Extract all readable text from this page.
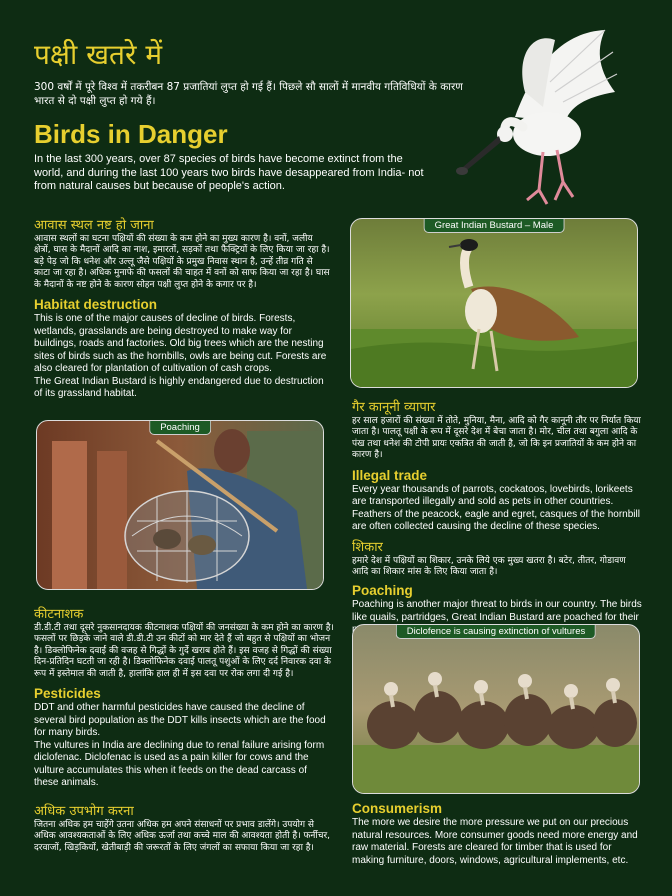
पक्षी खतरे में
300 वर्षों में पूरे विश्व में तकरीबन 87 प्रजातियां लुप्त हो गई हैं। पिछले सौ सालों में मानवीय गतिविधियों के कारण भारत से दो पक्षी लुप्त हो गये हैं।
Birds in Danger
In the last 300 years, over 87 species of birds have become extinct from the world, and during the last 100 years two birds have desappeared from India- not from natural causes but because of people's action.
आवास स्थल नष्ट हो जाना
आवास स्थलों का घटना पक्षियों की संख्या के कम होने का मुख्य कारण है। वनों, जलीय क्षेत्रों, घास के मैदानों आदि का नाश, इमारतों, सड़कों तथा फैक्ट्रियों के लिए किया जा रहा है। बड़े पेड़ जो कि धनेश और उल्लू जैसे पक्षियों के प्रमुख निवास स्थान है, उन्हें तीव्र गति से काटा जा रहा है। अधिक मुनाफे की फसलों की चाहत में वनों को साफ किया जा रहा है। घास के मैदानों के नष्ट होने के कारण सोहन पक्षी लुप्त होने के कगार पर है।
Habitat destruction
This is one of the major causes of decline of birds. Forests, wetlands, grasslands are being destroyed to make way for buildings, roads and factories. Old big trees which are the nesting sites of birds such as the hornbills, owls are being cut. Forests are also cleared for plantation of cultivation of cash crops.
The Great Indian Bustard is highly endangered due to destruction of its grassland habitat.
Great Indian Bustard – Male
Poaching
गैर कानूनी व्यापार
हर साल हजारों की संख्या में तोते, मुनिया, मैना, आदि को गैर कानूनी तौर पर निर्यात किया जाता है। पालतू पक्षी के रूप में दूसरे देश में बेचा जाता है। मोर, चील तथा बगुला आदि के पंख तथा धनेश की टोपी प्रायः एकत्रित की जाती है, जो कि इन प्रजातियों के कम होने का कारण है।
Illegal trade
Every year thousands of parrots, cockatoos, lovebirds, lorikeets are transported illegally and sold as pets in other countries. Feathers of the peacock, eagle and egret, casques of the hornbill are often collected causing the decline of these species.
शिकार
हमारे देश में पक्षियों का शिकार, उनके लिये एक मुख्य खतरा है। बटेर, तीतर, गोडावण आदि का शिकार मांस के लिए किया जाता है।
Poaching
Poaching is another major threat to birds in our country. The birds like quails, partridges, Great Indian Bustard are poached for their
कीटनाशक
डी.डी.टी तथा दूसरे नुकसानदायक कीटनाशक पक्षियों की जनसंख्या के कम होने का कारण है। फसलों पर छिड़के जाने वाले डी.डी.टी उन कीटों को मार देते हैं जो बहुत से पक्षियों का भोजन है। डिक्लोफिनेक दवाई की वजह से गिद्धों के गुर्दे खराब होते हैं। इस वजह से गिद्धों की संख्या दिन-प्रतिदिन घटती जा रही है। डिक्लोफिनेक दवाई पालतू पशुओं के लिए दर्द निवारक दवा के रूप में इस्तेमाल की जाती है, हालांकि हाल ही में इस दवा पर रोक लगा दी गई है।
Pesticides
DDT and other harmful pesticides have caused the decline of several bird population as the DDT kills insects which are the food for many birds.
The vultures in India are declining due to renal failure arising form diclofenac. Diclofenac is used as a pain killer for cows and the vulture accumulates this when it feeds on the dead carcass of these animals.
अधिक उपभोग करना
जितना अधिक हम चाहेंगे उतना अधिक हम अपने संसाधनों पर प्रभाव डालेंगे। उपयोग से अधिक आवश्यकताओं के लिए अधिक ऊर्जा तथा कच्चे माल की आवश्यता होती है। फर्नीचर, दरवाजों, खिड़कियों, खेतीबाड़ी की जरूरतों के लिए जंगलों का सफाया किया जा रहा है।
Diclofence is causing extinction of vultures
Consumerism
The more we desire the more pressure we put on our precious natural resources. More consumer goods need more energy and raw material. Forests are cleared for timber that is used for making furniture, doors, windows, agricultural implements, etc.
